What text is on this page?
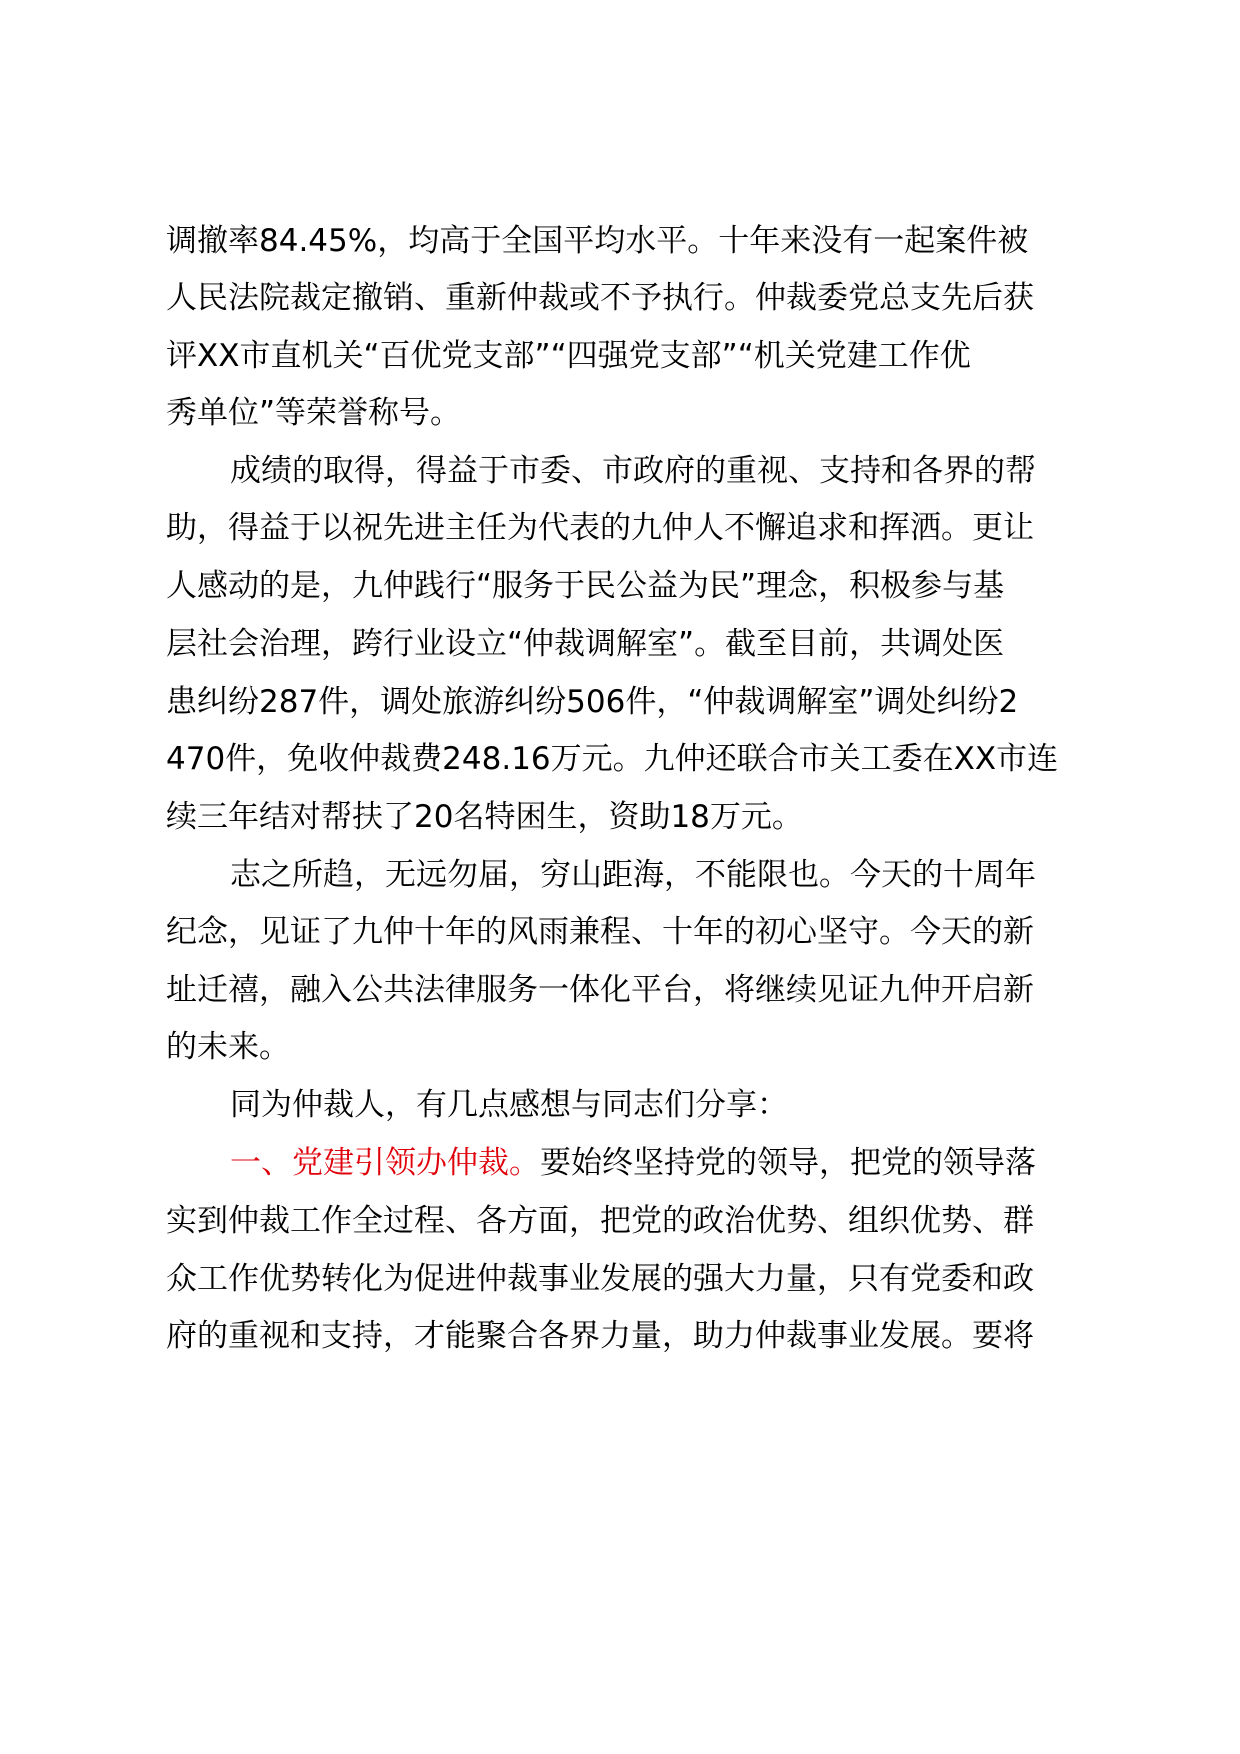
调撤率84.45%，均高于全国平均水平。十年来没有一起案件被
人民法院裁定撤销、重新仲裁或不予执行。仲裁委党总支先后获
评XX市直机关“百优党支部”“四强党支部”“机关党建工作优
秀单位”等荣誉称号。
成绩的取得，得益于市委、市政府的重视、支持和各界的帮
助，得益于以祝先进主任为代表的九仲人不懈追求和挥洒。更让
人感动的是，九仲践行“服务于民公益为民”理念，积极参与基
层社会治理，跨行业设立“仲裁调解室”。截至目前，共调处医
患纠纷287件，调处旅游纠纷506件，“仲裁调解室”调处纠纷2
470件，免收仲裁费248.16万元。九仲还联合市关工委在XX市连
续三年结对帮扶了20名特困生，资助18万元。
志之所趋，无远勿届，穷山距海，不能限也。今天的十周年
纪念，见证了九仲十年的风雨兼程、十年的初心坚守。今天的新
址迁禧，融入公共法律服务一体化平台，将继续见证九仲开启新
的未来。
同为仲裁人，有几点感想与同志们分享：
一、党建引领办仲裁。要始终坚持党的领导，把党的领导落
实到仲裁工作全过程、各方面，把党的政治优势、组织优势、群
众工作优势转化为促进仲裁事业发展的强大力量，只有党委和政
府的重视和支持，才能聚合各界力量，助力仲裁事业发展。要将
